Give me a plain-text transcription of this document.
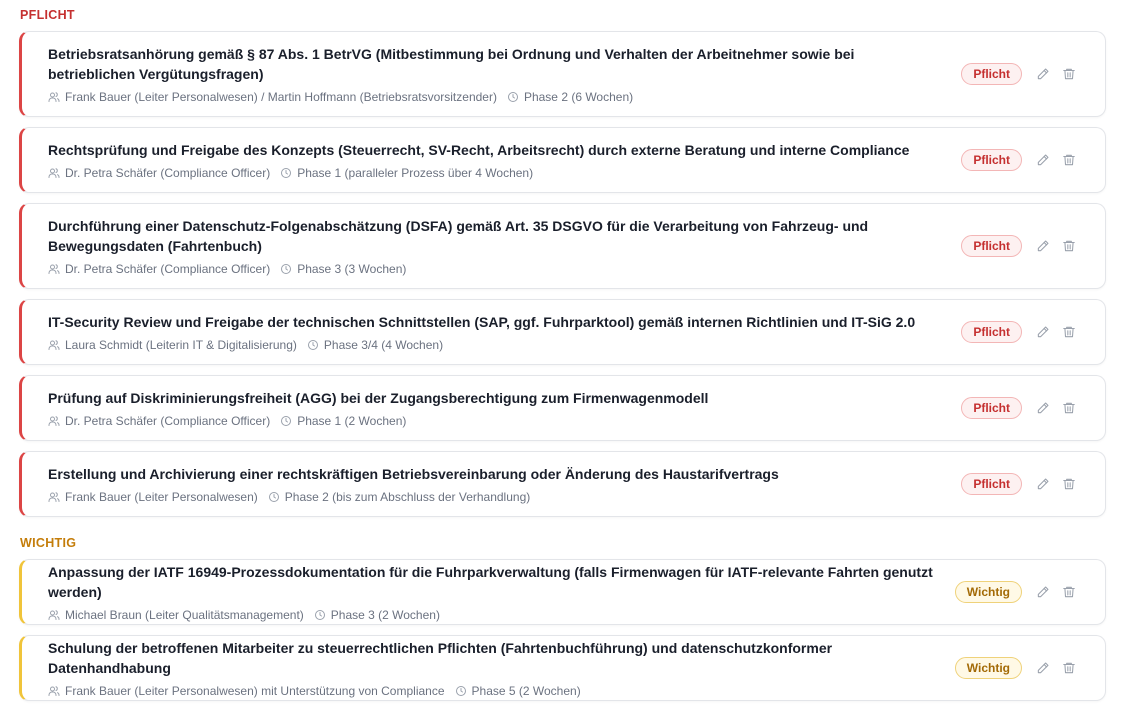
PFLICHT
WICHTIG
Betriebsratsanhörung gemäß § 87 Abs. 1 BetrVG (Mitbestimmung bei Ordnung und Verhalten der Arbeitnehmer sowie bei betrieblichen Vergütungsfragen)
Frank Bauer (Leiter Personalwesen) / Martin Hoffmann (Betriebsratsvorsitzender) Phase 2 (6 Wochen)
Pflicht
Rechtsprüfung und Freigabe des Konzepts (Steuerrecht, SV-Recht, Arbeitsrecht) durch externe Beratung und interne Compliance
Dr. Petra Schäfer (Compliance Officer) Phase 1 (paralleler Prozess über 4 Wochen)
Pflicht
Durchführung einer Datenschutz-Folgenabschätzung (DSFA) gemäß Art. 35 DSGVO für die Verarbeitung von Fahrzeug- und Bewegungsdaten (Fahrtenbuch)
Dr. Petra Schäfer (Compliance Officer) Phase 3 (3 Wochen)
Pflicht
IT-Security Review und Freigabe der technischen Schnittstellen (SAP, ggf. Fuhrparktool) gemäß internen Richtlinien und IT-SiG 2.0
Laura Schmidt (Leiterin IT & Digitalisierung) Phase 3/4 (4 Wochen)
Pflicht
Prüfung auf Diskriminierungsfreiheit (AGG) bei der Zugangsberechtigung zum Firmenwagenmodell
Dr. Petra Schäfer (Compliance Officer) Phase 1 (2 Wochen)
Pflicht
Erstellung und Archivierung einer rechtskräftigen Betriebsvereinbarung oder Änderung des Haustarifvertrags
Frank Bauer (Leiter Personalwesen) Phase 2 (bis zum Abschluss der Verhandlung)
Pflicht
Anpassung der IATF 16949-Prozessdokumentation für die Fuhrparkverwaltung (falls Firmenwagen für IATF-relevante Fahrten genutzt werden)
Michael Braun (Leiter Qualitätsmanagement) Phase 3 (2 Wochen)
Wichtig
Schulung der betroffenen Mitarbeiter zu steuerrechtlichen Pflichten (Fahrtenbuchführung) und datenschutzkonformer Datenhandhabung
Frank Bauer (Leiter Personalwesen) mit Unterstützung von Compliance Phase 5 (2 Wochen)
Wichtig
